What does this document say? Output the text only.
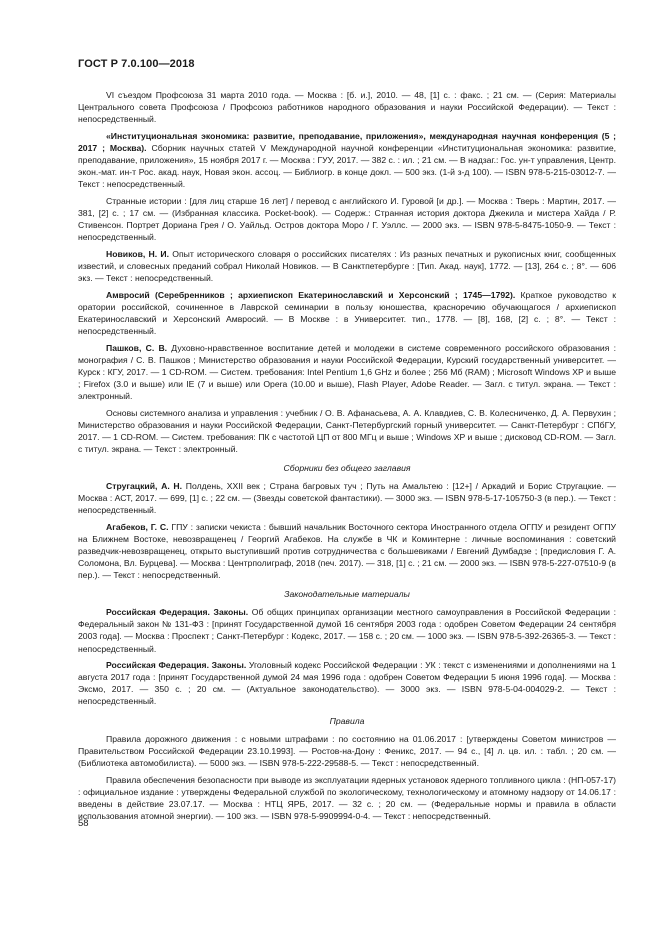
ГОСТ Р 7.0.100—2018

VI съездом Профсоюза 31 марта 2010 года. — Москва : [б. и.], 2010. — 48, [1] с. : факс. ; 21 см. — (Серия: Материалы Центрального совета Профсоюза / Профсоюз работников народного образования и науки Российской Федерации). — Текст : непосредственный.

«Институциональная экономика: развитие, преподавание, приложения», международная научная конференция (5 ; 2017 ; Москва). Сборник научных статей V Международной научной конференции «Институциональная экономика: развитие, преподавание, приложения», 15 ноября 2017 г. — Москва : ГУУ, 2017. — 382 с. : ил. ; 21 см. — В надзаг.: Гос. ун-т управления, Центр. экон.-мат. ин-т Рос. акад. наук, Новая экон. ассоц. — Библиогр. в конце докл. — 500 экз. (1-й з-д 100). — ISBN 978-5-215-03012-7. — Текст : непосредственный.

Странные истории : [для лиц старше 16 лет] / перевод с английского И. Гуровой [и др.]. — Москва : Тверь : Мартин, 2017. — 381, [2] с. ; 17 см. — (Избранная классика. Pocket-book). — Содерж.: Странная история доктора Джекила и мистера Хайда / Р. Стивенсон. Портрет Дориана Грея / О. Уайльд. Остров доктора Моро / Г. Уэллс. — 2000 экз. — ISBN 978-5-8475-1050-9. — Текст : непосредственный.

Новиков, Н. И. Опыт исторического словаря о российских писателях : Из разных печатных и рукописных книг, сообщенных известий, и словесных преданий собрал Николай Новиков. — В Санктпетербурге : [Тип. Акад. наук], 1772. — [13], 264 с. ; 8°. — 606 экз. — Текст : непосредственный.

Амвросий (Серебренников ; архиепископ Екатеринославский и Херсонский ; 1745—1792). Краткое руководство к оратории российской, сочиненное в Лаврской семинарии в пользу юношества, красноречию обучающагося / архиепископ Екатеринославский и Херсонский Амвросий. — В Москве : в Университет. тип., 1778. — [8], 168, [2] с. ; 8°. — Текст : непосредственный.

Пашков, С. В. Духовно-нравственное воспитание детей и молодежи в системе современного российского образования : монография / С. В. Пашков ; Министерство образования и науки Российской Федерации, Курский государственный университет. — Курск : КГУ, 2017. — 1 CD-ROM. — Систем. требования: Intel Pentium 1,6 GHz и более ; 256 Мб (RAM) ; Microsoft Windows XP и выше ; Firefox (3.0 и выше) или IE (7 и выше) или Opera (10.00 и выше), Flash Player, Adobe Reader. — Загл. с титул. экрана. — Текст : электронный.

Основы системного анализа и управления : учебник / О. В. Афанасьева, А. А. Клавдиев, С. В. Колесниченко, Д. А. Первухин ; Министерство образования и науки Российской Федерации, Санкт-Петербургский горный университет. — Санкт-Петербург : СПбГУ, 2017. — 1 CD-ROM. — Систем. требования: ПК с частотой ЦП от 800 МГц и выше ; Windows XP и выше ; дисковод CD-ROM. — Загл. с титул. экрана. — Текст : электронный.

Сборники без общего заглавия

Стругацкий, А. Н. Полдень, XXII век ; Страна багровых туч ; Путь на Амальтею : [12+] / Аркадий и Борис Стругацкие. — Москва : АСТ, 2017. — 699, [1] с. ; 22 см. — (Звезды советской фантастики). — 3000 экз. — ISBN 978-5-17-105750-3 (в пер.). — Текст : непосредственный.

Агабеков, Г. С. ГПУ : записки чекиста : бывший начальник Восточного сектора Иностранного отдела ОГПУ и резидент ОГПУ на Ближнем Востоке, невозвращенец / Георгий Агабеков. На службе в ЧК и Коминтерне : личные воспоминания : советский разведчик-невозвращенец, открыто выступивший против сотрудничества с большевиками / Евгений Думбадзе ; [предисловия Г. А. Соломона, Вл. Бурцева]. — Москва : Центрполиграф, 2018 (печ. 2017). — 318, [1] с. ; 21 см. — 2000 экз. — ISBN 978-5-227-07510-9 (в пер.). — Текст : непосредственный.

Законодательные материалы

Российская Федерация. Законы. Об общих принципах организации местного самоуправления в Российской Федерации : Федеральный закон № 131-ФЗ : [принят Государственной думой 16 сентября 2003 года : одобрен Советом Федерации 24 сентября 2003 года]. — Москва : Проспект ; Санкт-Петербург : Кодекс, 2017. — 158 с. ; 20 см. — 1000 экз. — ISBN 978-5-392-26365-3. — Текст : непосредственный.

Российская Федерация. Законы. Уголовный кодекс Российской Федерации : УК : текст с изменениями и дополнениями на 1 августа 2017 года : [принят Государственной думой 24 мая 1996 года : одобрен Советом Федерации 5 июня 1996 года]. — Москва : Эксмо, 2017. — 350 с. ; 20 см. — (Актуальное законодательство). — 3000 экз. — ISBN 978-5-04-004029-2. — Текст : непосредственный.

Правила

Правила дорожного движения : с новыми штрафами : по состоянию на 01.06.2017 : [утверждены Советом министров — Правительством Российской Федерации 23.10.1993]. — Ростов-на-Дону : Феникс, 2017. — 94 с., [4] л. цв. ил. : табл. ; 20 см. — (Библиотека автомобилиста). — 5000 экз. — ISBN 978-5-222-29588-5. — Текст : непосредственный.

Правила обеспечения безопасности при выводе из эксплуатации ядерных установок ядерного топливного цикла : (НП-057-17) : официальное издание : утверждены Федеральной службой по экологическому, технологическому и атомному надзору от 14.06.17 : введены в действие 23.07.17. — Москва : НТЦ ЯРБ, 2017. — 32 с. ; 20 см. — (Федеральные нормы и правила в области использования атомной энергии). — 100 экз. — ISBN 978-5-9909994-0-4. — Текст : непосредственный.

58
